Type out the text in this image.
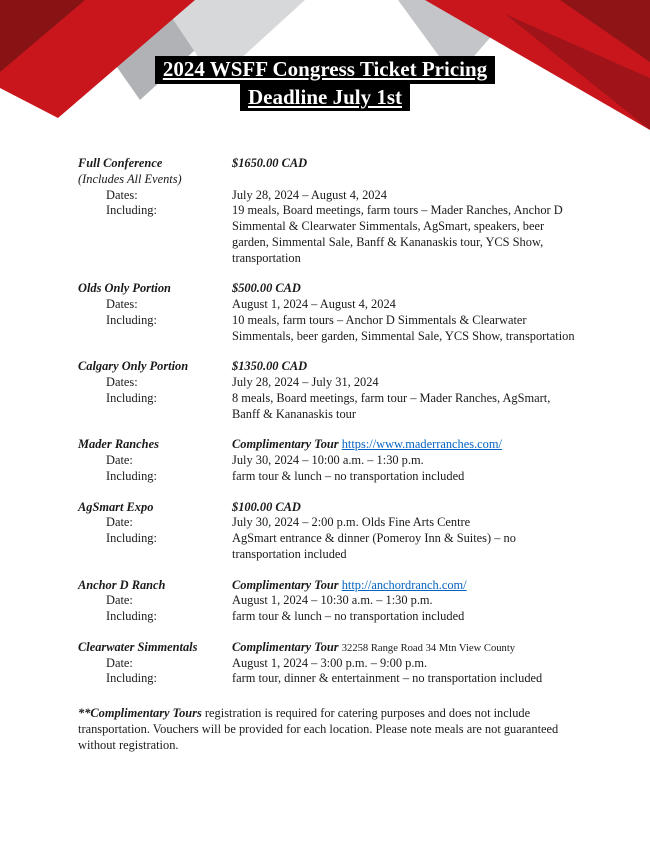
2024 WSFF Congress Ticket Pricing
Deadline July 1st
Full Conference	$1650.00 CAD
(Includes All Events)
Dates:	July 28, 2024 – August 4, 2024
Including:	19 meals, Board meetings, farm tours – Mader Ranches, Anchor D Simmental & Clearwater Simmentals, AgSmart, speakers, beer garden, Simmental Sale, Banff & Kananaskis tour, YCS Show, transportation
Olds Only Portion	$500.00 CAD
Dates:	August 1, 2024 – August 4, 2024
Including:	10 meals, farm tours – Anchor D Simmentals & Clearwater Simmentals, beer garden, Simmental Sale, YCS Show, transportation
Calgary Only Portion	$1350.00 CAD
Dates:	July 28, 2024 – July 31, 2024
Including:	8 meals, Board meetings, farm tour – Mader Ranches, AgSmart, Banff & Kananaskis tour
Mader Ranches	Complimentary Tour https://www.maderranches.com/
Date:	July 30, 2024 – 10:00 a.m. – 1:30 p.m.
Including:	farm tour & lunch – no transportation included
AgSmart Expo	$100.00 CAD
Date:	July 30, 2024 – 2:00 p.m. Olds Fine Arts Centre
Including:	AgSmart entrance & dinner (Pomeroy Inn & Suites) – no transportation included
Anchor D Ranch	Complimentary Tour http://anchordranch.com/
Date:	August 1, 2024 – 10:30 a.m. – 1:30 p.m.
Including:	farm tour & lunch – no transportation included
Clearwater Simmentals	Complimentary Tour 32258 Range Road 34 Mtn View County
Date:	August 1, 2024 – 3:00 p.m. – 9:00 p.m.
Including:	farm tour, dinner & entertainment – no transportation included

**Complimentary Tours registration is required for catering purposes and does not include transportation. Vouchers will be provided for each location. Please note meals are not guaranteed without registration.
